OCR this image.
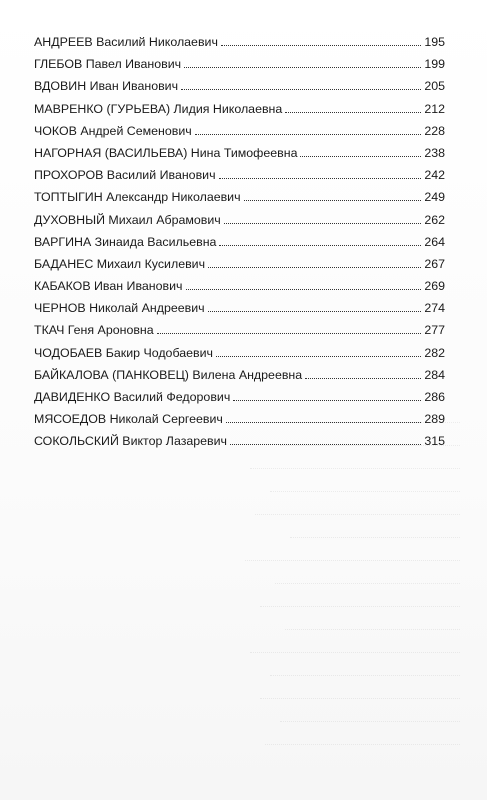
АНДРЕЕВ Василий Николаевич	195
ГЛЕБОВ Павел Иванович	199
ВДОВИН Иван Иванович	205
МАВРЕНКО (ГУРЬЕВА) Лидия Николаевна	212
ЧОКОВ Андрей Семенович	228
НАГОРНАЯ (ВАСИЛЬЕВА) Нина Тимофеевна	238
ПРОХОРОВ Василий Иванович	242
ТОПТЫГИН Александр Николаевич	249
ДУХОВНЫЙ Михаил Абрамович	262
ВАРГИНА Зинаида Васильевна	264
БАДАНЕС Михаил Кусилевич	267
КАБАКОВ Иван Иванович	269
ЧЕРНОВ Николай Андреевич	274
ТКАЧ Геня Ароновна	277
ЧОДОБАЕВ Бакир Чодобаевич	282
БАЙКАЛОВА (ПАНКОВЕЦ) Вилена Андреевна	284
ДАВИДЕНКО Василий Федорович	286
МЯСОЕДОВ Николай Сергеевич	289
СОКОЛЬСКИЙ Виктор Лазаревич	315
